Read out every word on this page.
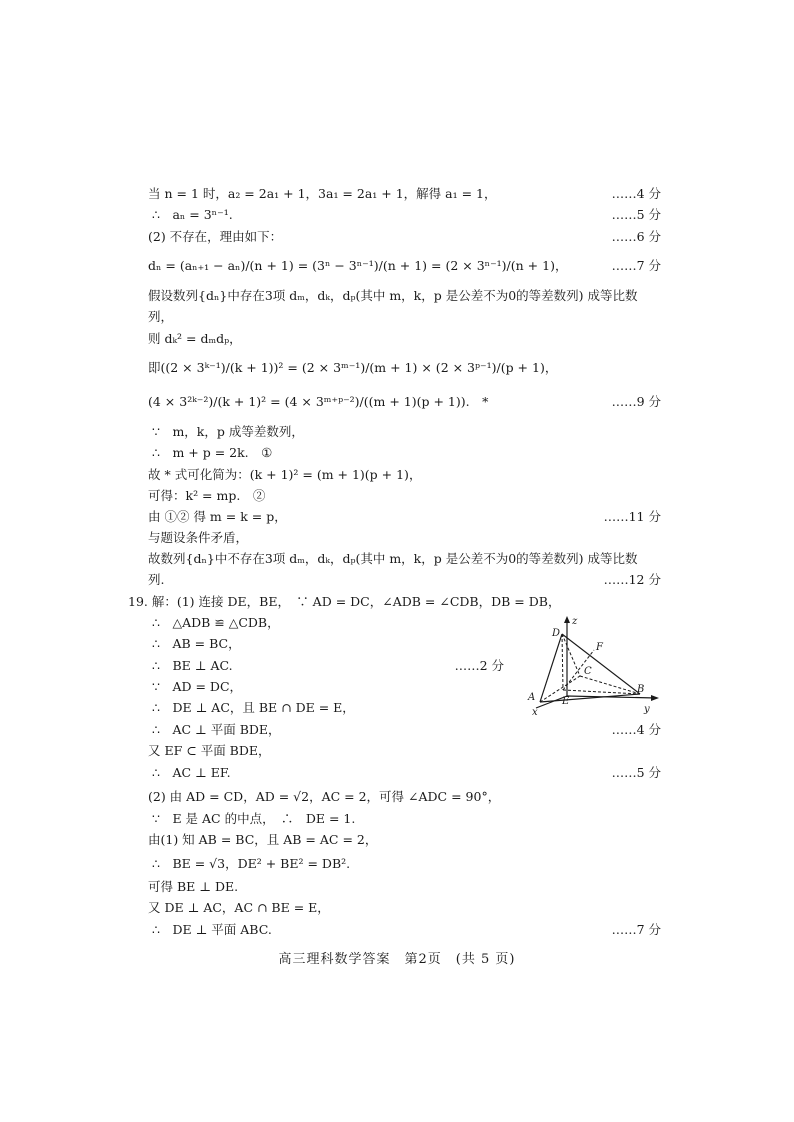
当 n = 1 时，a₂ = 2a₁ + 1，3a₁ = 2a₁ + 1，解得 a₁ = 1，	……4 分
∴　aₙ = 3ⁿ⁻¹.	……5 分
(2) 不存在，理由如下：	……6 分
dₙ = (aₙ₊₁ − aₙ)/(n + 1) = (3ⁿ − 3ⁿ⁻¹)/(n + 1) = (2 × 3ⁿ⁻¹)/(n + 1)，	……7 分
假设数列{dₙ}中存在3项 dₘ，dₖ，dₚ(其中 m，k，p 是公差不为0的等差数列) 成等比数
列，
则 dₖ² = dₘdₚ，
即((2 × 3ᵏ⁻¹)/(k + 1))² = (2 × 3ᵐ⁻¹)/(m + 1) × (2 × 3ᵖ⁻¹)/(p + 1)，
(4 × 3²ᵏ⁻²)/(k + 1)² = (4 × 3ᵐ⁺ᵖ⁻²)/((m + 1)(p + 1)).　*	……9 分
∵　m，k，p 成等差数列，
∴　m + p = 2k.　①
故 * 式可化简为：(k + 1)² = (m + 1)(p + 1)，
可得：k² = mp.　②
由 ①② 得 m = k = p，	……11 分
与题设条件矛盾，
故数列{dₙ}中不存在3项 dₘ，dₖ，dₚ(其中 m，k，p 是公差不为0的等差数列) 成等比数
列.	……12 分
19. 解：(1) 连接 DE，BE，　∵ AD = DC，∠ADB = ∠CDB，DB = DB，
∴　△ADB ≌ △CDB，
∴　AB = BC，
∴　BE ⊥ AC.	……2 分
∵　AD = DC，
∴　DE ⊥ AC，且 BE ∩ DE = E，
∴　AC ⊥ 平面 BDE，	……4 分
又 EF ⊂ 平面 BDE，
∴　AC ⊥ EF.	……5 分
(2) 由 AD = CD，AD = √2，AC = 2，可得 ∠ADC = 90°，
∵　E 是 AC 的中点，　∴　DE = 1.
由(1) 知 AB = BC，且 AB = AC = 2，
∴　BE = √3，DE² + BE² = DB².
可得 BE ⊥ DE.
又 DE ⊥ AC，AC ∩ BE = E，
∴　DE ⊥ 平面 ABC.	……7 分
z
D
F
C
A	E
B
x	y
高三理科数学答案　第2页　(共 5 页)
